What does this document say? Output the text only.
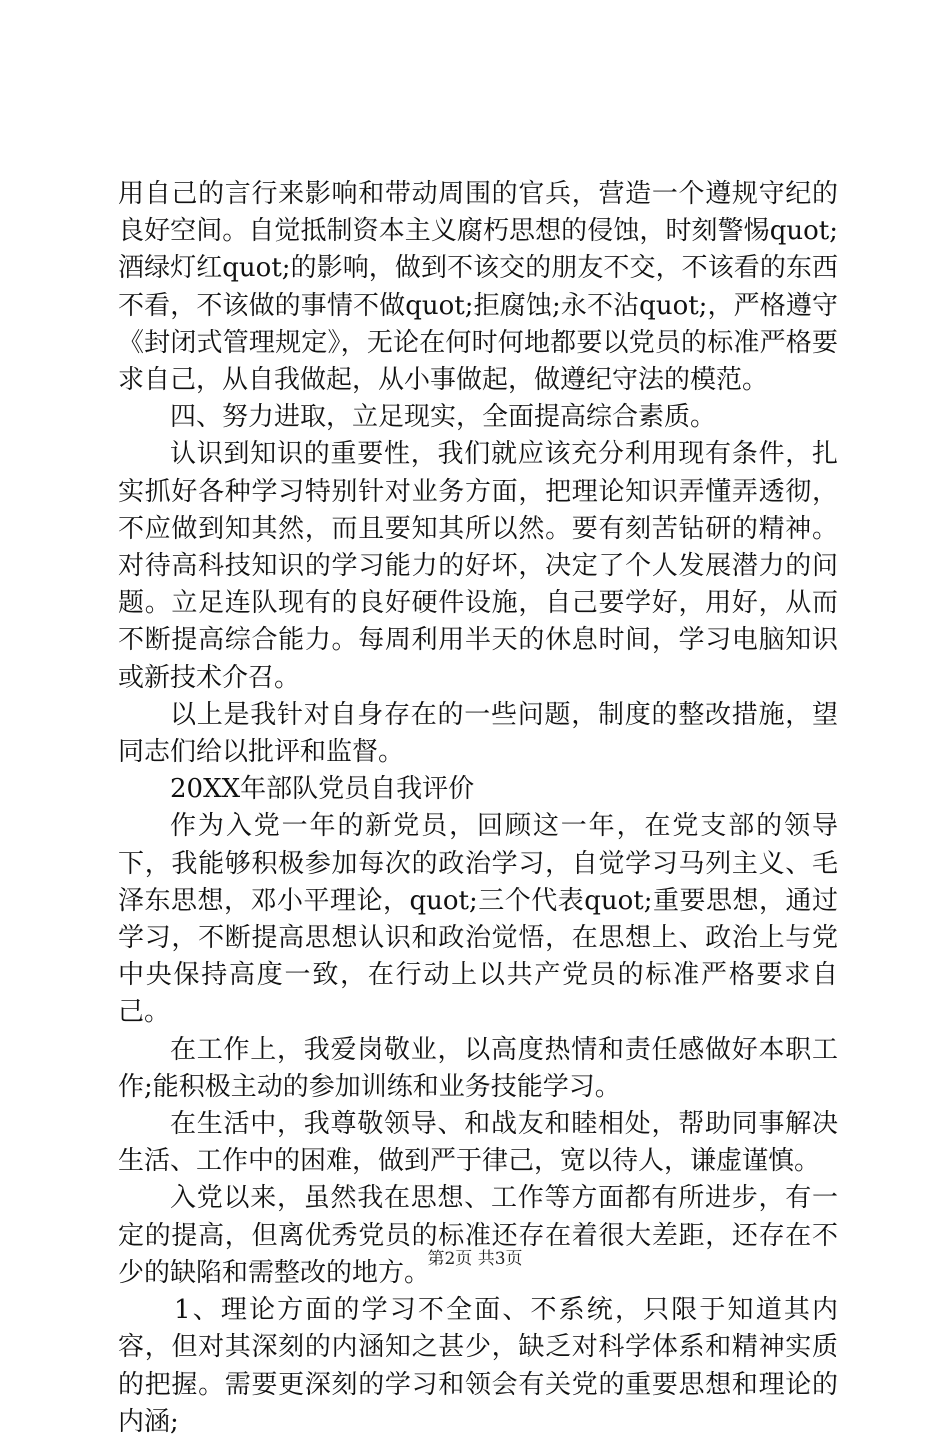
用自己的言行来影响和带动周围的官兵，营造一个遵规守纪的良好空间。自觉抵制资本主义腐朽思想的侵蚀，时刻警惕quot;酒绿灯红quot;的影响，做到不该交的朋友不交，不该看的东西不看，不该做的事情不做quot;拒腐蚀;永不沾quot;，严格遵守《封闭式管理规定》，无论在何时何地都要以党员的标准严格要求自己，从自我做起，从小事做起，做遵纪守法的模范。

四、努力进取，立足现实，全面提高综合素质。

认识到知识的重要性，我们就应该充分利用现有条件，扎实抓好各种学习特别针对业务方面，把理论知识弄懂弄透彻，不应做到知其然，而且要知其所以然。要有刻苦钻研的精神。对待高科技知识的学习能力的好坏，决定了个人发展潜力的问题。立足连队现有的良好硬件设施，自己要学好，用好，从而不断提高综合能力。每周利用半天的休息时间，学习电脑知识或新技术介召。

以上是我针对自身存在的一些问题，制度的整改措施，望同志们给以批评和监督。

20XX年部队党员自我评价

作为入党一年的新党员，回顾这一年，在党支部的领导下，我能够积极参加每次的政治学习，自觉学习马列主义、毛泽东思想，邓小平理论，quot;三个代表quot;重要思想，通过学习，不断提高思想认识和政治觉悟，在思想上、政治上与党中央保持高度一致，在行动上以共产党员的标准严格要求自己。

在工作上，我爱岗敬业，以高度热情和责任感做好本职工作;能积极主动的参加训练和业务技能学习。

在生活中，我尊敬领导、和战友和睦相处，帮助同事解决生活、工作中的困难，做到严于律己，宽以待人，谦虚谨慎。

入党以来，虽然我在思想、工作等方面都有所进步，有一定的提高，但离优秀党员的标准还存在着很大差距，还存在不少的缺陷和需整改的地方。

1、理论方面的学习不全面、不系统，只限于知道其内容，但对其深刻的内涵知之甚少，缺乏对科学体系和精神实质的把握。需要更深刻的学习和领会有关党的重要思想和理论的内涵;

第2页 共3页
